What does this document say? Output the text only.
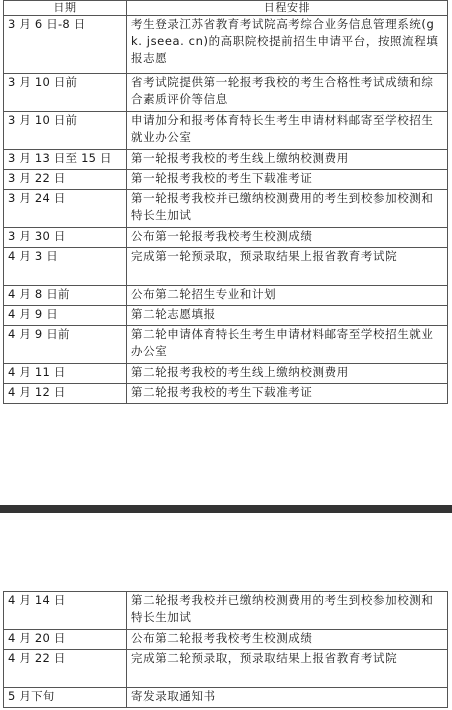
日期	日程安排
3 月 6 日-8 日	考生登录江苏省教育考试院高考综合业务信息管理系统(gk. jseea. cn)的高职院校提前招生申请平台，按照流程填报志愿
3 月 10 日前	省考试院提供第一轮报考我校的考生合格性考试成绩和综合素质评价等信息
3 月 10 日前	申请加分和报考体育特长生考生申请材料邮寄至学校招生就业办公室
3 月 13 日至 15 日	第一轮报考我校的考生线上缴纳校测费用
3 月 22 日	第一轮报考我校的考生下载准考证
3 月 24 日	第一轮报考我校并已缴纳校测费用的考生到校参加校测和特长生加试
3 月 30 日	公布第一轮报考我校考生校测成绩
4 月 3 日	完成第一轮预录取，预录取结果上报省教育考试院
4 月 8 日前	公布第二轮招生专业和计划
4 月 9 日	第二轮志愿填报
4 月 9 日前	第二轮申请体育特长生考生申请材料邮寄至学校招生就业办公室
4 月 11 日	第二轮报考我校的考生线上缴纳校测费用
4 月 12 日	第二轮报考我校的考生下载准考证
4 月 14 日	第二轮报考我校并已缴纳校测费用的考生到校参加校测和特长生加试
4 月 20 日	公布第二轮报考我校考生校测成绩
4 月 22 日	完成第二轮预录取，预录取结果上报省教育考试院
5 月下旬	寄发录取通知书
